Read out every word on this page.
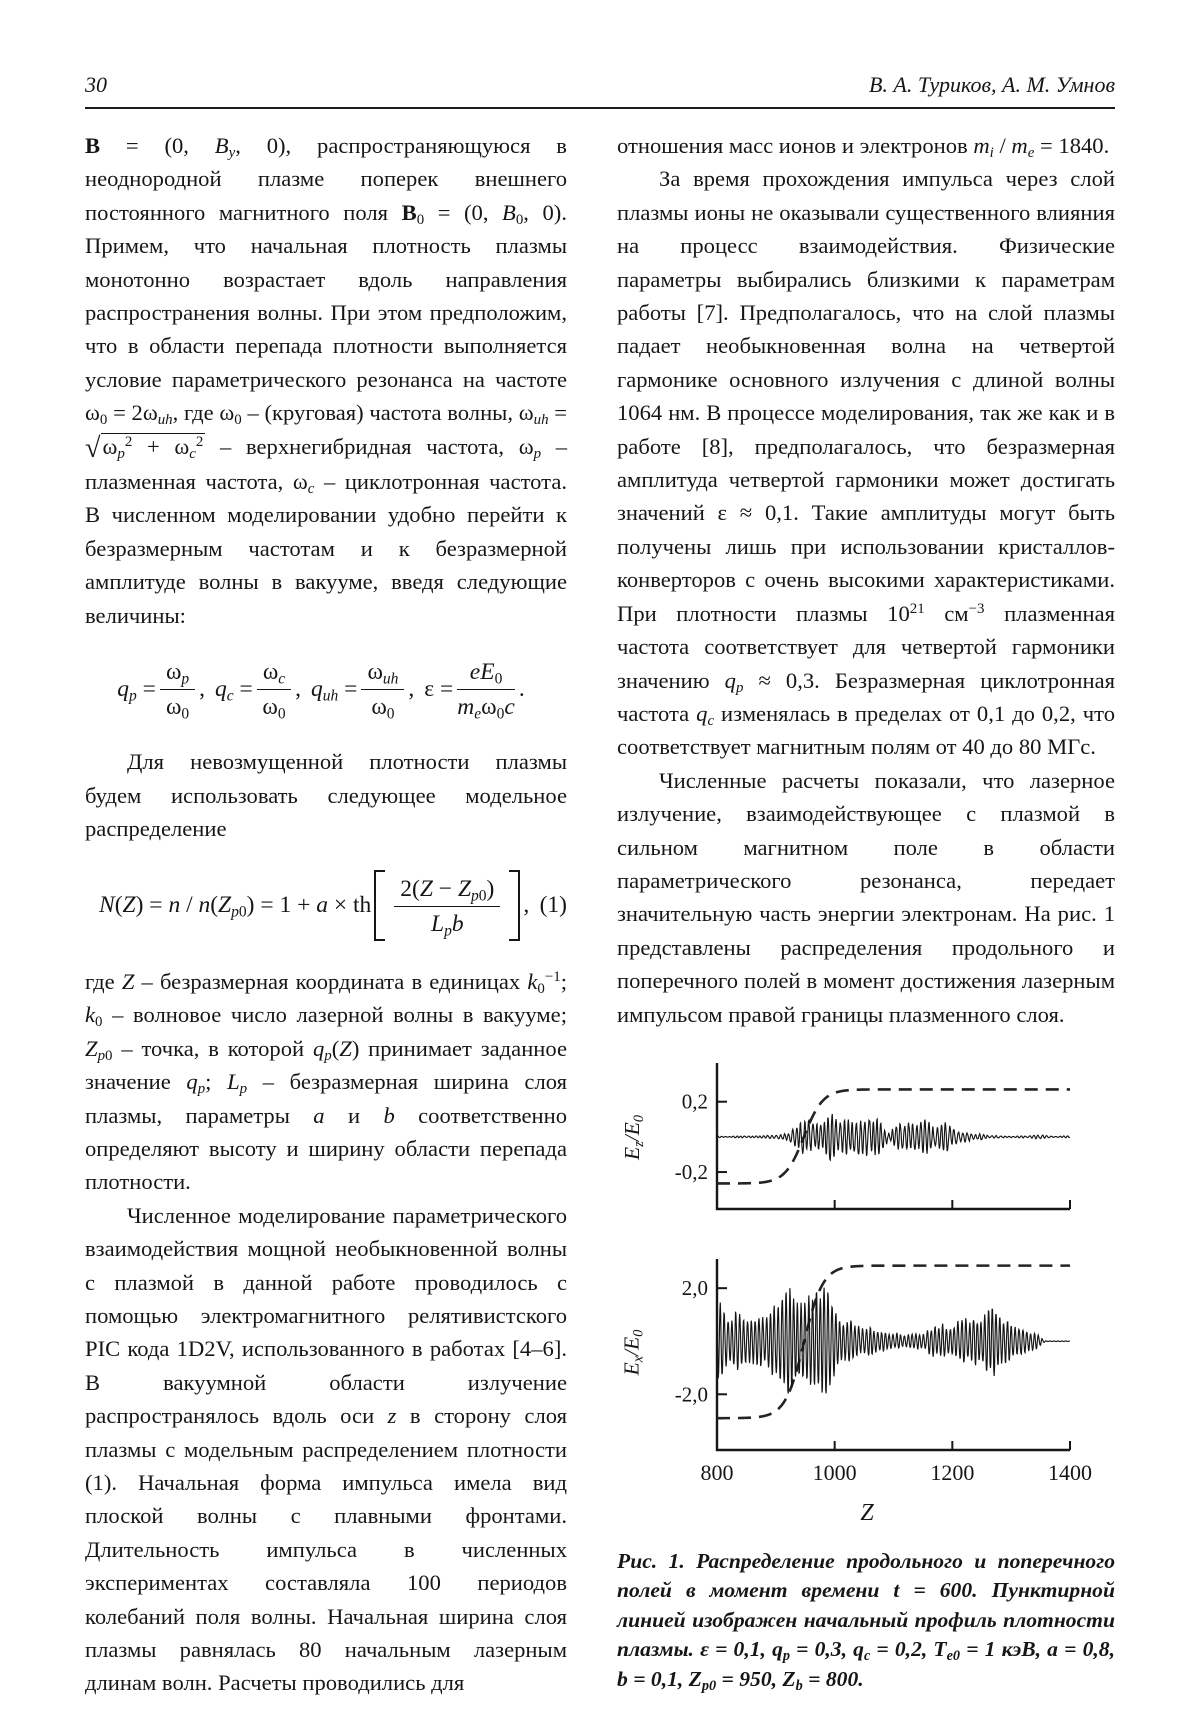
30	В. А. Туриков, А. М. Умнов

B = (0, $B_y$, 0), распространяющуюся в неоднородной плазме поперек внешнего постоянного магнитного поля $B_0 = (0$, $B_0$, 0). Примем, что начальная плотность плазмы монотонно возрастает вдоль направления распространения волны. При этом предположим, что в области перепада плотности выполняется условие параметрического резонанса на частоте $\omega_0 = 2\omega_{uh}$, где $\omega_0$ – (круговая) частота волны, $\omega_{uh} = √\omega_p^2 + \omega_c^2$ – верхнегибридная частота, $\omega_p$ – плазменная частота, $\omega_c$ – циклотронная частота. В численном моделировании удобно перейти к безразмерным частотам и к безразмерной амплитуде волны в вакууме, введя следующие величины:

$q_p = \frac{\omega_p}{\omega_0}$ , $q_c = \frac{\omega_c}{\omega_0}$ , $q_{uh} = \frac{\omega_{uh}}{\omega_0}$ , $\varepsilon = \frac{eE_0}{m_e\omega_0c}$ .

Для невозмущенной плотности плазмы будем использовать следующее модельное распределение

$N(Z) = n / n(Z_{p0}) = 1 + a$ × th $\frac{2(Z - Z_{p0})}{L_pb}$ , (1)

где Z – безразмерная координата в единицах $k_0^{-1}$; $k_0$ – волновое число лазерной волны в вакууме; $Z_{p0}$ – точка, в которой $q_p(Z)$ принимает заданное значение $q_p$; $L_p$ – безразмерная ширина слоя плазмы, параметры a и b соответственно определяют высоту и ширину области перепада плотности.

Численное моделирование параметрического взаимодействия мощной необыкновенной волны с плазмой в данной работе проводилось с помощью электромагнитного релятивистского PIC кода 1D2V, использованного в работах [4–6]. В вакуумной области излучение распространялось вдоль оси z в сторону слоя плазмы с модельным распределением плотности (1). Начальная форма импульса имела вид плоской волны с плавными фронтами. Длительность импульса в численных экспериментах составляла 100 периодов колебаний поля волны. Начальная ширина слоя плазмы равнялась 80 начальным лазерным длинам волн. Расчеты проводились для

отношения масс ионов и электронов $m_i / m_e = 1840$.

За время прохождения импульса через слой плазмы ионы не оказывали существенного влияния на процесс взаимодействия. Физические параметры выбирались близкими к параметрам работы [7]. Предполагалось, что на слой плазмы падает необыкновенная волна на четвертой гармонике основного излучения с длиной волны 1064 нм. В процессе моделирования, так же как и в работе [8], предполагалось, что безразмерная амплитуда четвертой гармоники может достигать значений ε ≈ 0,1. Такие амплитуды могут быть получены лишь при использовании кристаллов-конверторов с очень высокими характеристиками. При плотности плазмы $10^{21}$ $см^{-3}$ плазменная частота соответствует для четвертой гармоники значению $q_p \approx 0,3$. Безразмерная циклотронная частота $q_c$ изменялась в пределах от 0,1 до 0,2, что соответствует магнитным полям от 40 до 80 МГс.

Численные расчеты показали, что лазерное излучение, взаимодействующее с плазмой в сильном магнитном поле в области параметрического резонанса, передает значительную часть энергии электронам. На рис. 1 представлены распределения продольного и поперечного полей в момент достижения лазерным импульсом правой границы плазменного слоя.

$E_z/E_0$
0,2
-0,2
$E_x/E_0$
2,0
-2,0
800	1000	1200	1400
Z

Рис. 1. Распределение продольного и поперечного полей в момент времени t = 600. Пунктирной линией изображен начальный профиль плотности плазмы. ε = 0,1, $q_p = 0,3$, $q_c = 0,2$, $T_{e0} = 1$ кэВ, a = 0,8, b = 0,1, $Z_{p0} = 950$, $Z_b = 800$.
